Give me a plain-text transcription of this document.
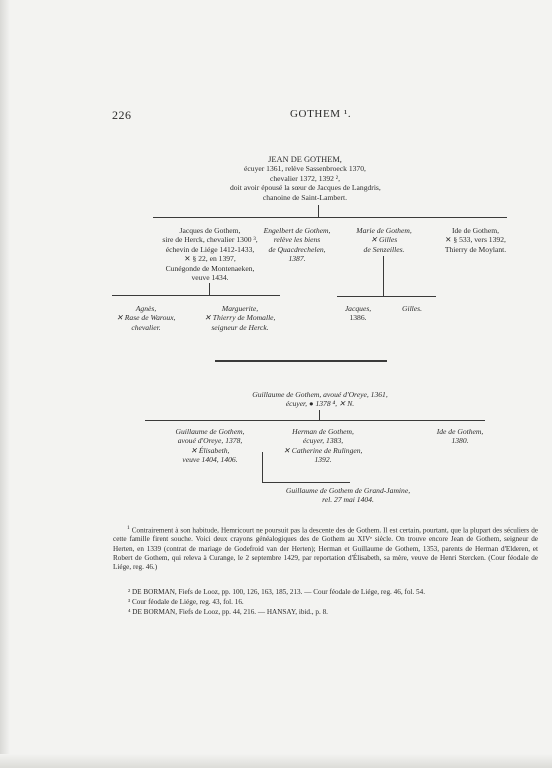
226	GOTHEM ¹.
JEAN DE GOTHEM,
écuyer 1361, relève Sassenbroeck 1370,
chevalier 1372, 1392 ²,
doit avoir épousé la sœur de Jacques de Langdris,
chanoine de Saint-Lambert.
Jacques de Gothem,
sire de Herck, chevalier 1300 ³,
échevin de Liége 1412-1433,
✕ § 22, en 1397,
Cunégonde de Montenaeken,
veuve 1434.
Engelbert de Gothem,
relève les biens
de Quacdrechelen,
1387.
Marie de Gothem,
✕ Gilles
de Senzeilles.
Ide de Gothem,
✕ § 533, vers 1392,
Thierry de Moylant.
Agnès,
✕ Rase de Waroux,
chevalier.
Marguerite,
✕ Thierry de Momalle,
seigneur de Herck.
Jacques,
1386.
Gilles.
Guillaume de Gothem, avoué d'Oreye, 1361,
écuyer, ● 1378 ⁴, ✕ N.
Guillaume de Gothem,
avoué d'Oreye, 1378,
✕ Élisabeth,
veuve 1404, 1406.
Herman de Gothem,
écuyer, 1383,
✕ Catherine de Rulingen,
1392.
Ide de Gothem,
1380.
Guillaume de Gothem de Grand-Jamine,
rel. 27 mai 1404.
$^1$ Contrairement à son habitude, Hemricourt ne poursuit pas la descente des de Gothem. Il est certain, pourtant, que la plupart des séculiers de cette famille firent souche. Voici deux crayons généalogiques des de Gothem au XIVᵉ siècle. On trouve encore Jean de Gothem, seigneur de Herten, en 1339 (contrat de mariage de Godefroid van der Herten); Herman et Guillaume de Gothem, 1353, parents de Herman d'Elderen, et Robert de Gothem, qui releva à Curange, le 2 septembre 1429, par reportation d'Élisabeth, sa mère, veuve de Henri Stercken. (Cour féodale de Liége, reg. 46.)
² DE BORMAN, Fiefs de Looz, pp. 100, 126, 163, 185, 213. — Cour féodale de Liége, reg. 46, fol. 54.
³ Cour féodale de Liége, reg. 43, fol. 16.
⁴ DE BORMAN, Fiefs de Looz, pp. 44, 216. — HANSAY, ibid., p. 8.
